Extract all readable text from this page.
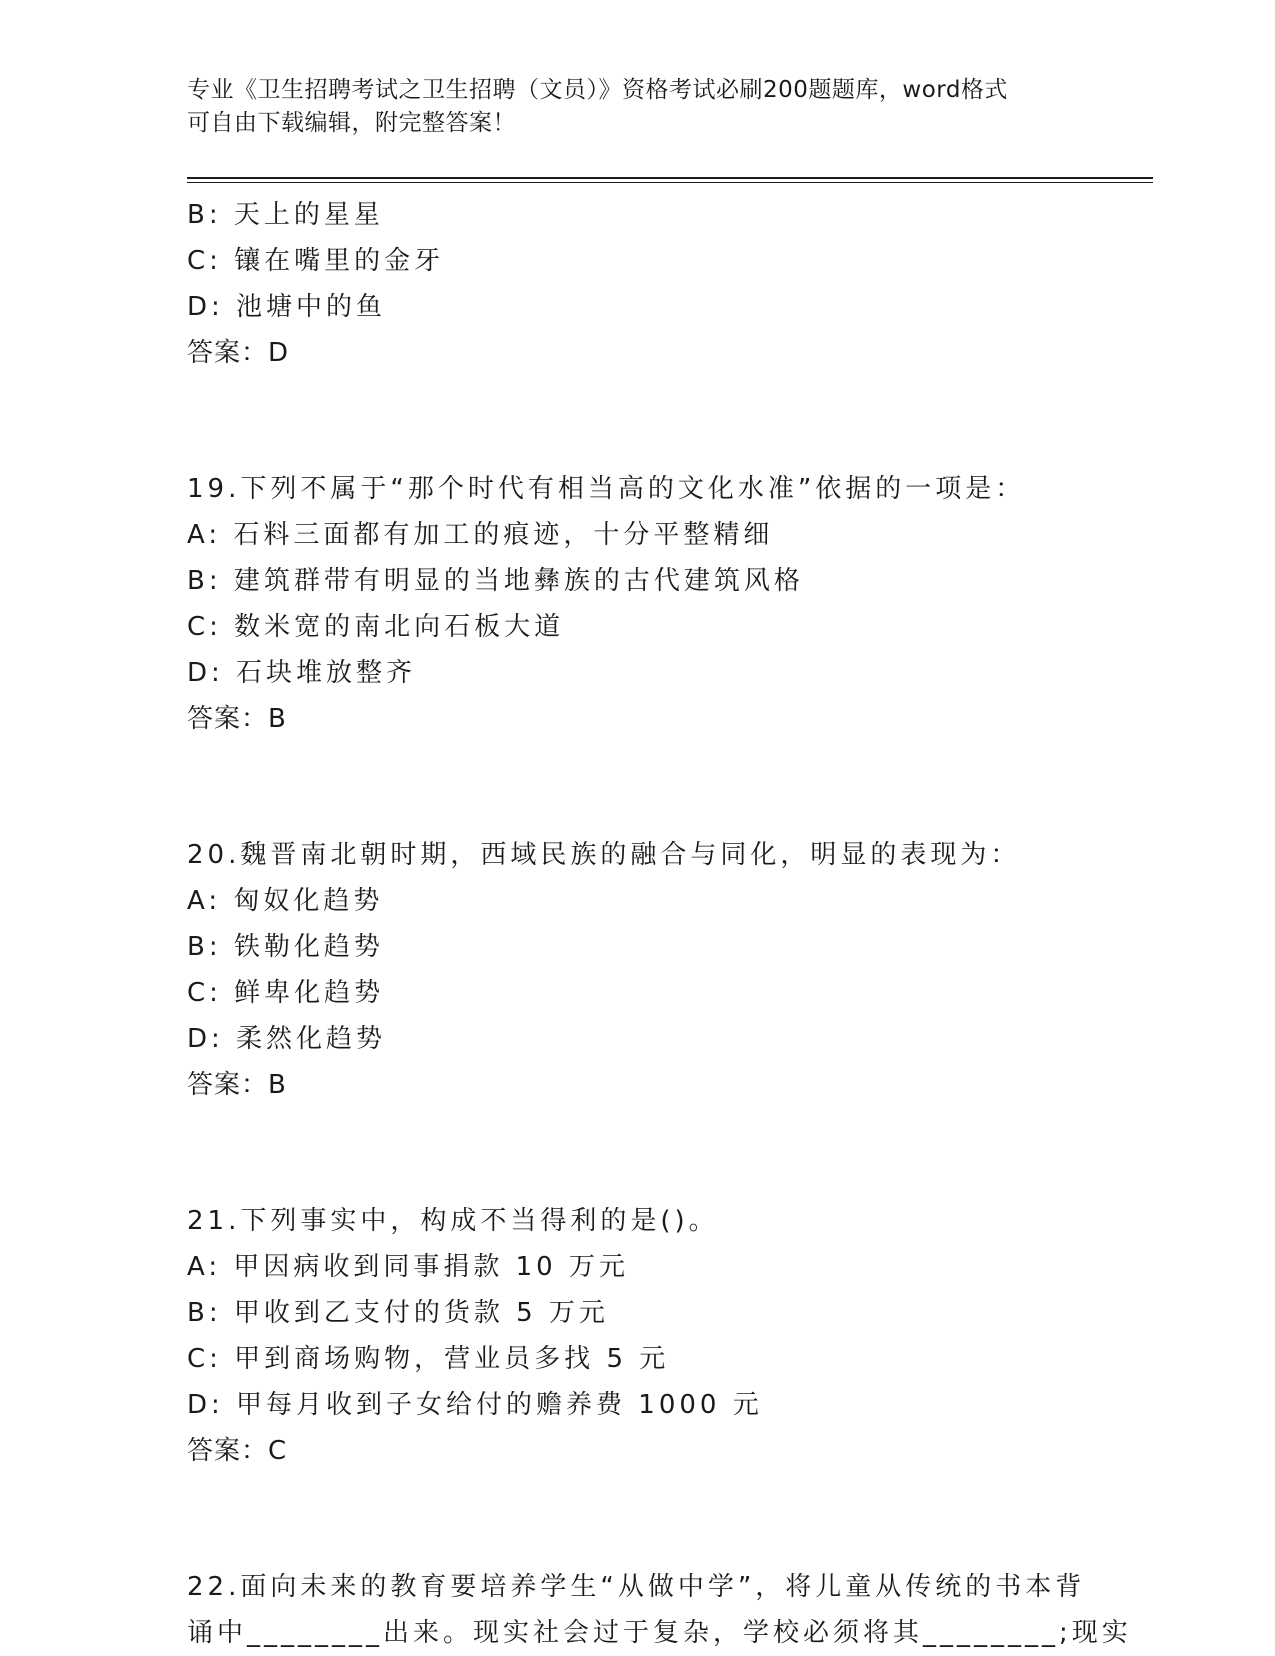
专业《卫生招聘考试之卫生招聘（文员）》资格考试必刷200题题库，word格式
可自由下载编辑，附完整答案！
B: 天上的星星
C: 镶在嘴里的金牙
D: 池塘中的鱼
答案：D
19.下列不属于“那个时代有相当高的文化水准”依据的一项是：
A: 石料三面都有加工的痕迹，十分平整精细
B: 建筑群带有明显的当地彝族的古代建筑风格
C: 数米宽的南北向石板大道
D: 石块堆放整齐
答案：B
20.魏晋南北朝时期，西域民族的融合与同化，明显的表现为：
A: 匈奴化趋势
B: 铁勒化趋势
C: 鲜卑化趋势
D: 柔然化趋势
答案：B
21.下列事实中，构成不当得利的是()。
A: 甲因病收到同事捐款 10 万元
B: 甲收到乙支付的货款 5 万元
C: 甲到商场购物，营业员多找 5 元
D: 甲每月收到子女给付的赡养费 1000 元
答案：C
22.面向未来的教育要培养学生“从做中学”，将儿童从传统的书本背
诵中________出来。现实社会过于复杂，学校必须将其________;现实
